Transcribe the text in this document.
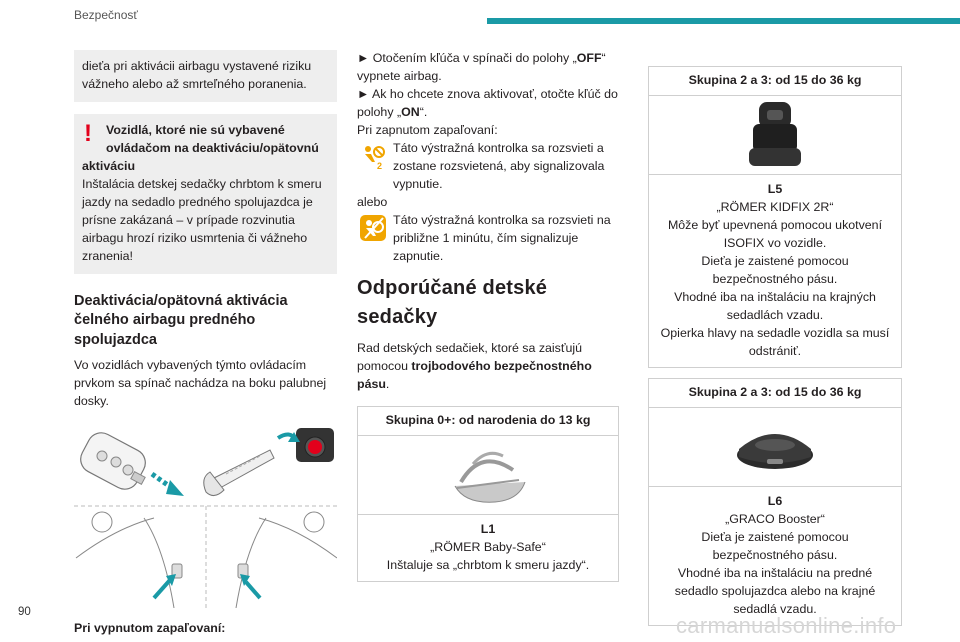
Bezpečnosť

dieťa pri aktivácii airbagu vystavené riziku vážneho alebo až smrteľného poranenia.

!	Vozidlá, ktoré nie sú vybavené ovládačom na deaktiváciu/opätovnú
aktiváciu

Inštalácia detskej sedačky chrbtom k smeru jazdy na sedadlo predného spolujazdca je prísne zakázaná – v prípade rozvinutia airbagu hrozí riziko usmrtenia či vážneho zranenia!

Deaktivácia/opätovná aktivácia čelného airbagu predného spolujazdca

Vo vozidlách vybavených týmto ovládacím prvkom sa spínač nachádza na boku palubnej dosky.

Pri vypnutom zapaľovaní:

► Otočením kľúča v spínači do polohy „OFF“ vypnete airbag.

► Ak ho chcete znova aktivovať, otočte kľúč do polohy „ON“.

Pri zapnutom zapaľovaní:

2

Táto výstražná kontrolka sa rozsvieti a zostane rozsvietená, aby signalizovala vypnutie.

alebo

Táto výstražná kontrolka sa rozsvieti na približne 1 minútu, čím signalizuje zapnutie.

Odporúčané detské sedačky

Rad detských sedačiek, ktoré sa zaisťujú pomocou trojbodového bezpečnostného pásu.

Skupina 0+: od narodenia do 13 kg
L1
„RÖMER Baby-Safe“
Inštaluje sa „chrbtom k smeru jazdy“.
Skupina 2 a 3: od 15 do 36 kg
L5
„RÖMER KIDFIX 2R“
Môže byť upevnená pomocou ukotvení ISOFIX vo vozidle.
Dieťa je zaistené pomocou bezpečnostného pásu.
Vhodné iba na inštaláciu na krajných sedadlách vzadu.
Opierka hlavy na sedadle vozidla sa musí odstrániť.
Skupina 2 a 3: od 15 do 36 kg
L6
„GRACO Booster“
Dieťa je zaistené pomocou bezpečnostného pásu.
Vhodné iba na inštaláciu na predné sedadlo spolujazdca alebo na krajné sedadlá vzadu.
90
carmanualsonline.info
